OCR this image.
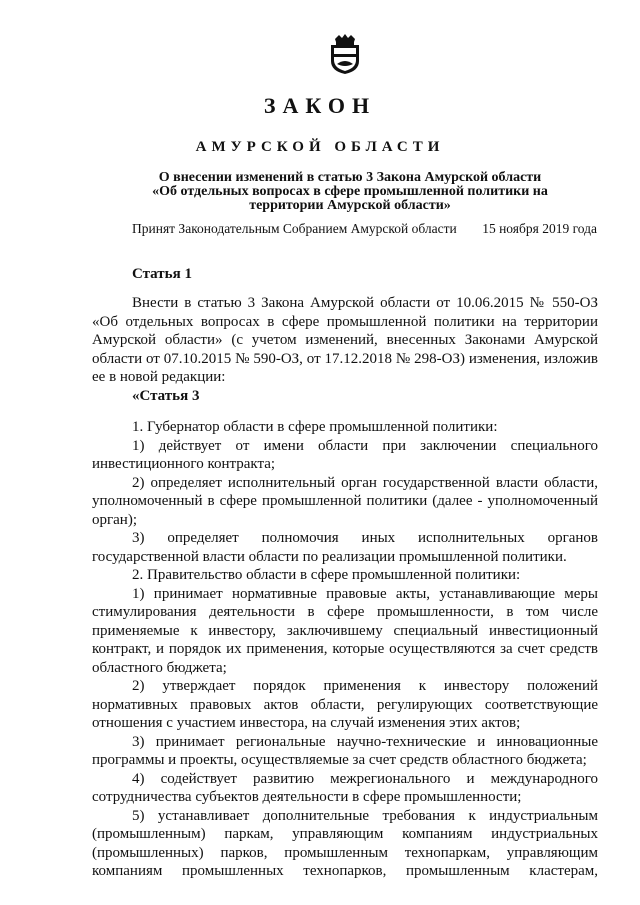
ЗАКОН
АМУРСКОЙ ОБЛАСТИ
О внесении изменений в статью 3 Закона Амурской области
«Об отдельных вопросах в сфере промышленной политики на
территории Амурской области»
Принят Законодательным Собранием Амурской области 15 ноября 2019 года
Статья 1

Внести в статью 3 Закона Амурской области от 10.06.2015 № 550-ОЗ «Об отдельных вопросах в сфере промышленной политики на территории Амурской области» (с учетом изменений, внесенных Законами Амурской области от 07.10.2015 № 590-ОЗ, от 17.12.2018 № 298-ОЗ) изменения, изложив ее в новой редакции:

«Статья 3

1. Губернатор области в сфере промышленной политики:

1) действует от имени области при заключении специального инвестиционного контракта;

2) определяет исполнительный орган государственной власти области, уполномоченный в сфере промышленной политики (далее - уполномоченный орган);

3) определяет полномочия иных исполнительных органов государственной власти области по реализации промышленной политики.

2. Правительство области в сфере промышленной политики:

1) принимает нормативные правовые акты, устанавливающие меры стимулирования деятельности в сфере промышленности, в том числе применяемые к инвестору, заключившему специальный инвестиционный контракт, и порядок их применения, которые осуществляются за счет средств областного бюджета;

2) утверждает порядок применения к инвестору положений нормативных правовых актов области, регулирующих соответствующие отношения с участием инвестора, на случай изменения этих актов;

3) принимает региональные научно-технические и инновационные программы и проекты, осуществляемые за счет средств областного бюджета;

4) содействует развитию межрегионального и международного сотрудничества субъектов деятельности в сфере промышленности;

5) устанавливает дополнительные требования к индустриальным (промышленным) паркам, управляющим компаниям индустриальных (промышленных) парков, промышленным технопаркам, управляющим компаниям промышленных технопарков, промышленным кластерам,
